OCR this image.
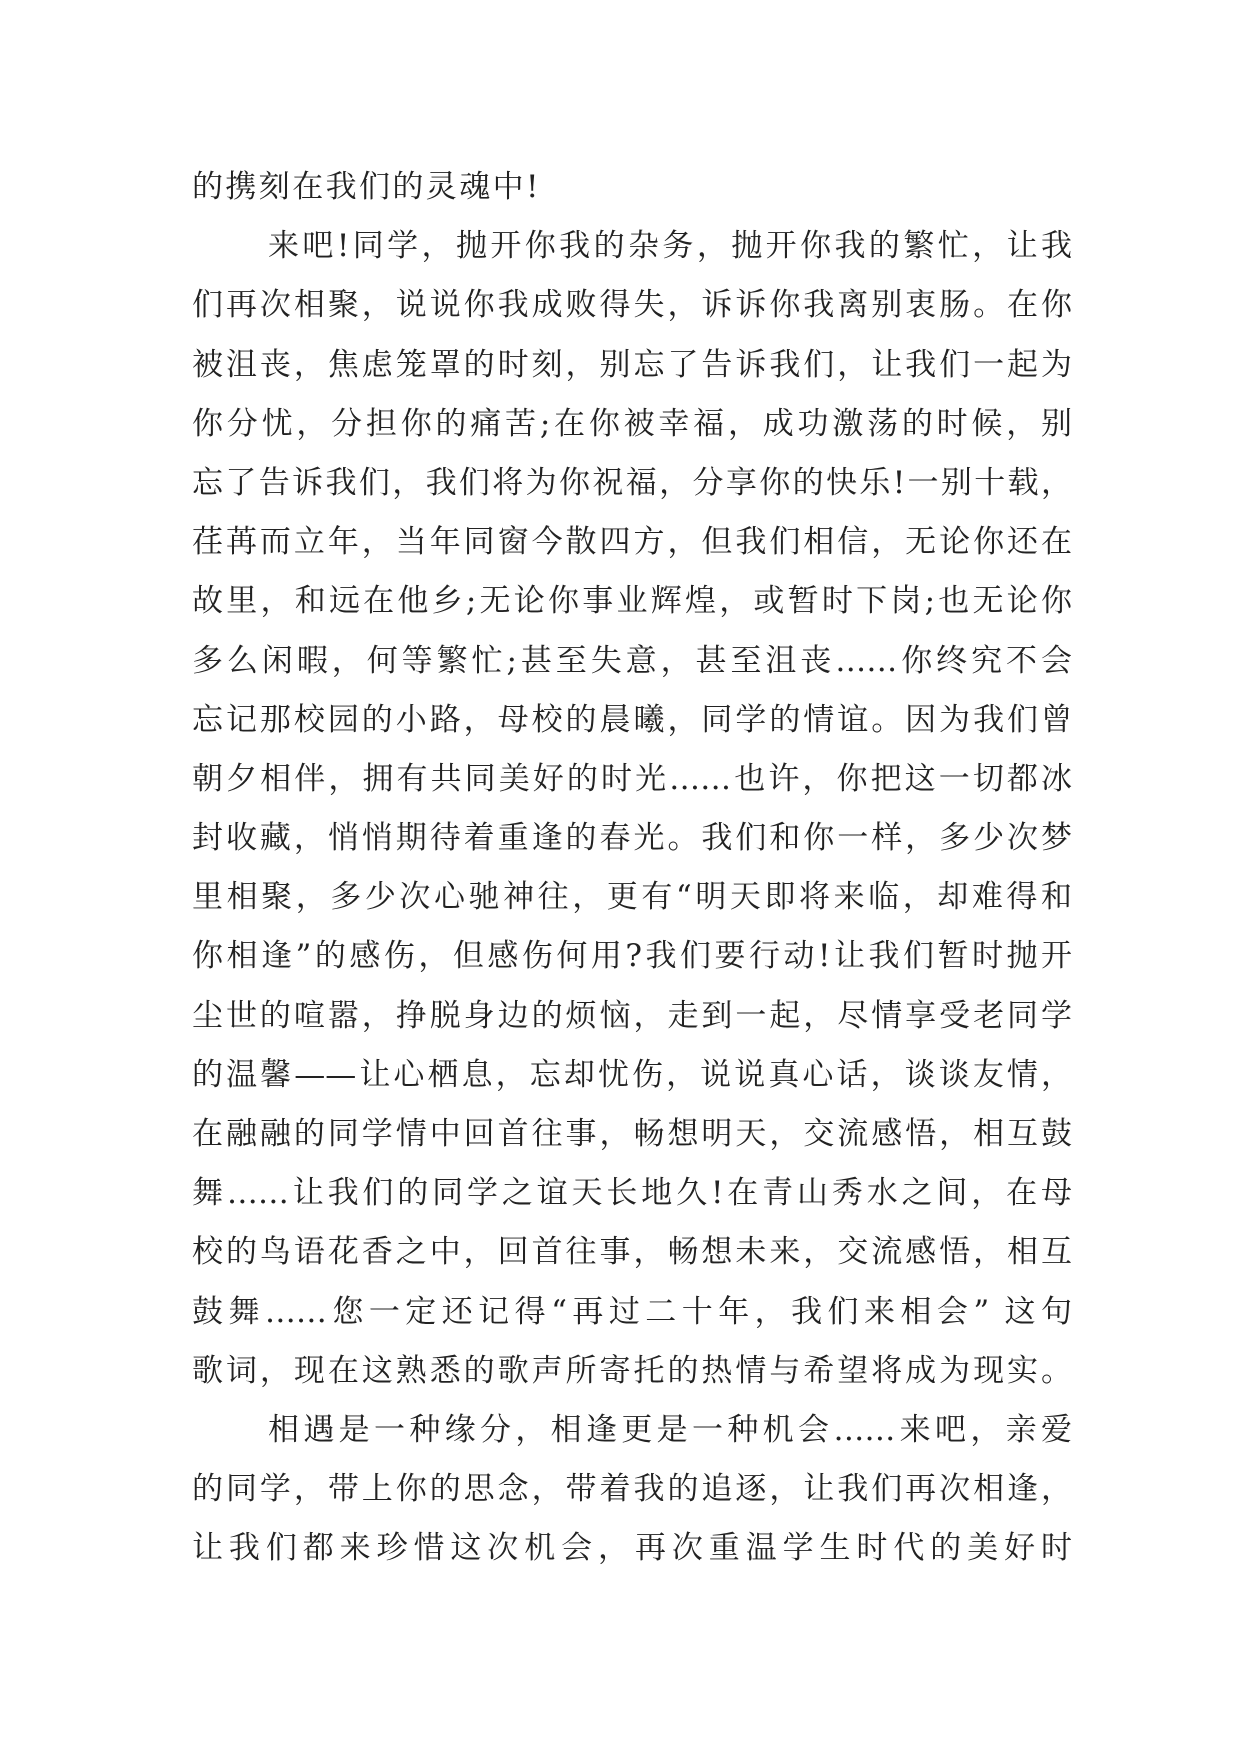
的携刻在我们的灵魂中!
来吧!同学，抛开你我的杂务，抛开你我的繁忙，让我
们再次相聚，说说你我成败得失，诉诉你我离别衷肠。在你
被沮丧，焦虑笼罩的时刻，别忘了告诉我们，让我们一起为
你分忧，分担你的痛苦;在你被幸福，成功激荡的时候，别
忘了告诉我们，我们将为你祝福，分享你的快乐!一别十载，
荏苒而立年，当年同窗今散四方，但我们相信，无论你还在
故里，和远在他乡;无论你事业辉煌，或暂时下岗;也无论你
多么闲暇，何等繁忙;甚至失意，甚至沮丧……你终究不会
忘记那校园的小路，母校的晨曦，同学的情谊。因为我们曾
朝夕相伴，拥有共同美好的时光……也许，你把这一切都冰
封收藏，悄悄期待着重逢的春光。我们和你一样，多少次梦
里相聚，多少次心驰神往，更有“明天即将来临，却难得和
你相逢”的感伤，但感伤何用?我们要行动!让我们暂时抛开
尘世的喧嚣，挣脱身边的烦恼，走到一起，尽情享受老同学
的温馨——让心栖息，忘却忧伤，说说真心话，谈谈友情，
在融融的同学情中回首往事，畅想明天，交流感悟，相互鼓
舞……让我们的同学之谊天长地久!在青山秀水之间，在母
校的鸟语花香之中，回首往事，畅想未来，交流感悟，相互
鼓舞……您一定还记得“再过二十年，我们来相会” 这句
歌词，现在这熟悉的歌声所寄托的热情与希望将成为现实。
相遇是一种缘分，相逢更是一种机会……来吧，亲爱
的同学，带上你的思念，带着我的追逐，让我们再次相逢，
让我们都来珍惜这次机会，再次重温学生时代的美好时
